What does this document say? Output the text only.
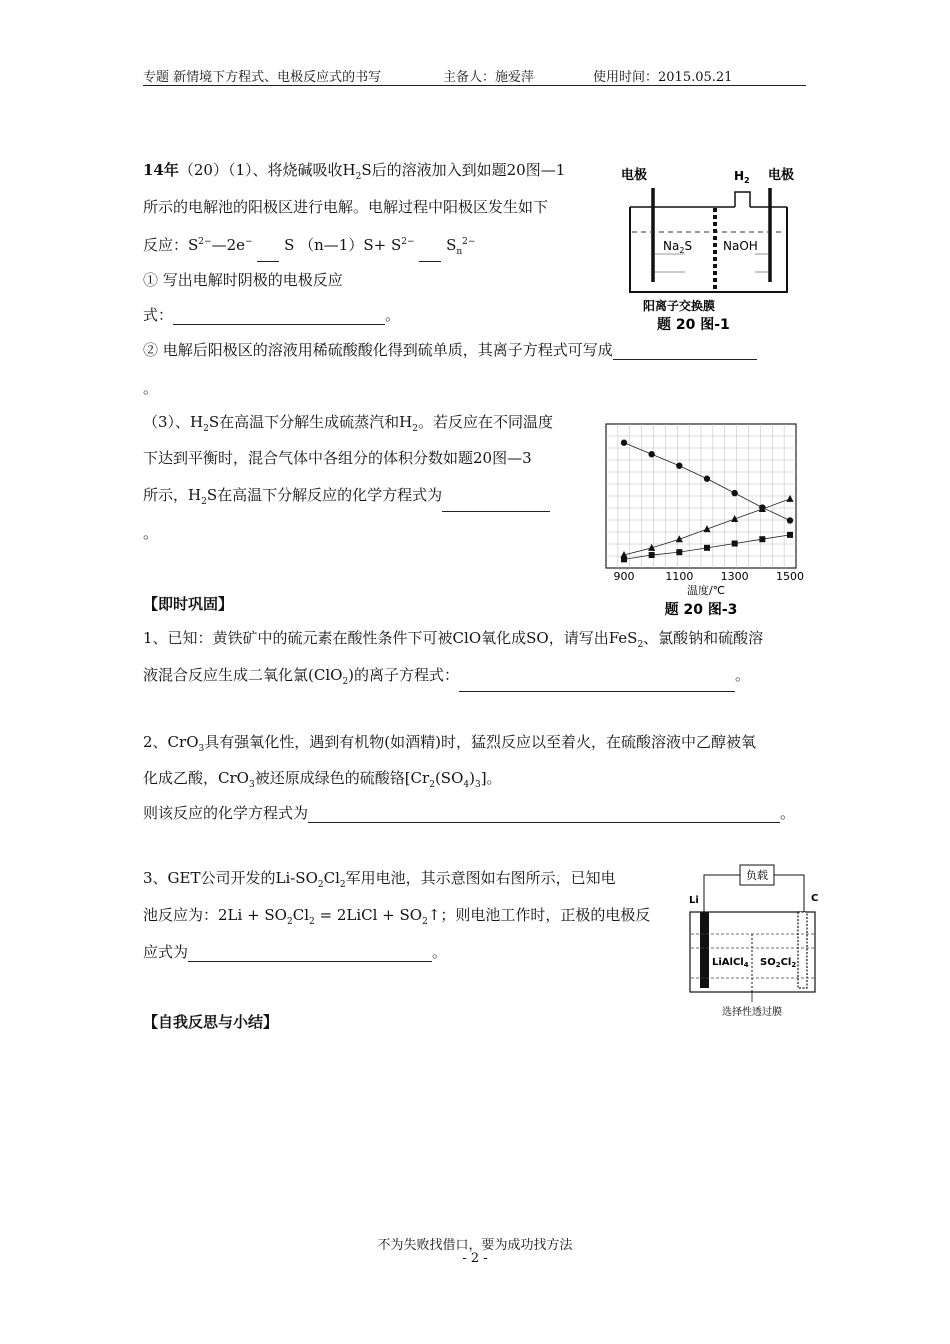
专题 新情境下方程式、电极反应式的书写	主备人：施爱萍	使用时间：2015.05.21
14年（20）（1）、将烧碱吸收$H_2S$后的溶液加入到如题20图—1
所示的电解池的阳极区进行电解。电解过程中阳极区发生如下
反应：$S^{2-}—2e^-$ S （n—1）S+ $S^{2-}$ $S_n^{2-}$
① 写出电解时阴极的电极反应
式：	。
② 电解后阳极区的溶液用稀硫酸酸化得到硫单质，其离子方程式可写成
。
（3）、$H_2S$在高温下分解生成硫蒸汽和$H_2$。若反应在不同温度
下达到平衡时，混合气体中各组分的体积分数如题20图—3
所示，$H_2S$在高温下分解反应的化学方程式为
。
电极	$H_2$ 电极
$Na_2S$	NaOH
阳离子交换膜
题 20 图-1
900	1100 1300 1500
温度/℃
题 20 图-3
【即时巩固】
1、已知：黄铁矿中的硫元素在酸性条件下可被ClO氧化成SO，请写出FeS$_2$、氯酸钠和硫酸溶
液混合反应生成二氧化氯(ClO$_2$)的离子方程式：	。
2、CrO$_3$具有强氧化性，遇到有机物(如酒精)时，猛烈反应以至着火，在硫酸溶液中乙醇被氧
化成乙酸，CrO$_3$被还原成绿色的硫酸铬$[Cr_2(SO_4)_3]$。
则该反应的化学方程式为	。
3、GET公司开发的$Li-SO_2Cl_2$军用电池，其示意图如右图所示，已知电
池反应为：$2Li + SO_2Cl_2$ = 2LiCl + $SO_2↑$；则电池工作时，正极的电极反
应式为	。
负载
Li	C
LiAlCl$_4$ $SO_2Cl_2$
选择性透过膜
【自我反思与小结】
不为失败找借口，要为成功找方法
- 2 -
